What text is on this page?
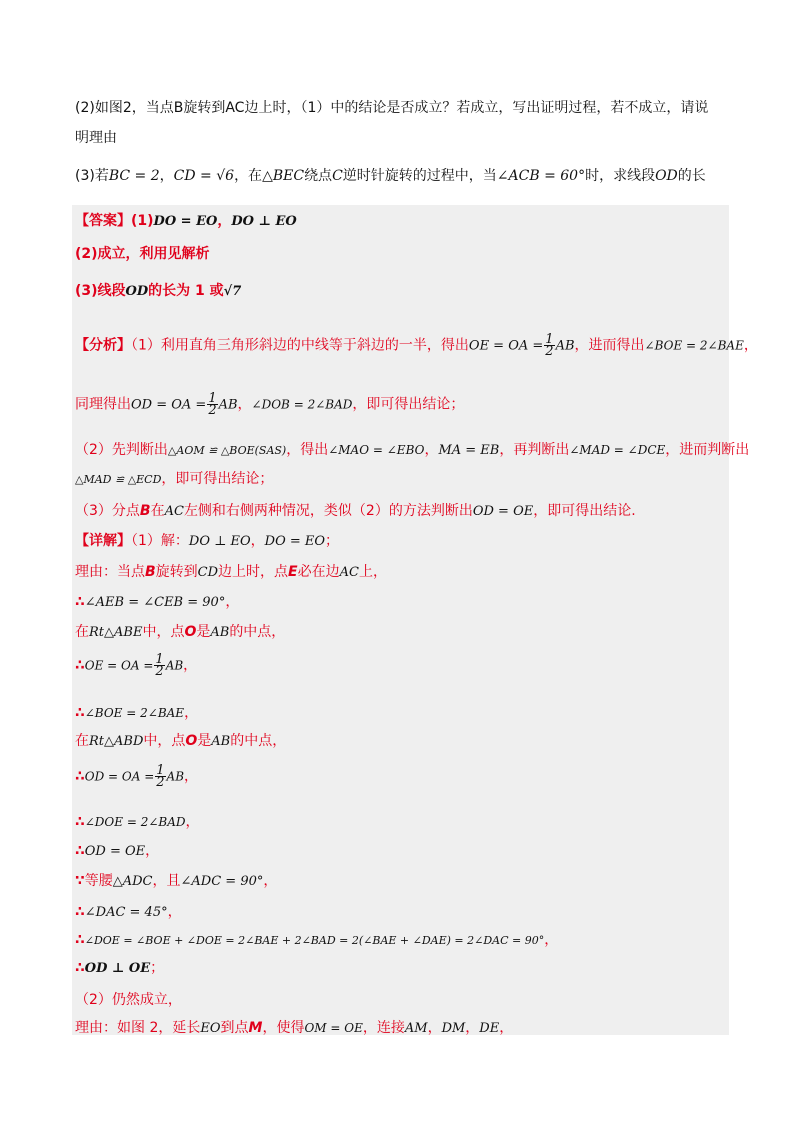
(2)如图2，当点B旋转到AC边上时，（1）中的结论是否成立？若成立，写出证明过程，若不成立，请说
明理由
(3)若BC = 2，CD = √6，在△BEC绕点C逆时针旋转的过程中，当∠ACB = 60°时，求线段OD的长
【答案】(1)DO = EO，DO ⊥ EO
(2)成立，利用见解析
(3)线段OD的长为 1 或√7
【分析】（1）利用直角三角形斜边的中线等于斜边的一半，得出OE = OA = $\frac{1}{2}$ AB，进而得出∠BOE = 2∠BAE，
同理得出OD = OA = $\frac{1}{2}$ AB，∠DOB = 2∠BAD，即可得出结论；
（2）先判断出△AOM ≌ △BOE(SAS)，得出∠MAO = ∠EBO，MA = EB，再判断出∠MAD = ∠DCE，进而判断出
△MAD ≌ △ECD，即可得出结论；
（3）分点B在AC左侧和右侧两种情况，类似（2）的方法判断出OD = OE，即可得出结论.
【详解】（1）解：DO ⊥ EO，DO = EO；
理由：当点B旋转到CD边上时，点E必在边AC上，
∴∠AEB = ∠CEB = 90°，
在Rt△ABE中，点O是AB的中点，
∴OE = OA = $\frac{1}{2}$ AB，
∴∠BOE = 2∠BAE，
在Rt△ABD中，点O是AB的中点，
∴OD = OA = $\frac{1}{2}$ AB，
∴∠DOE = 2∠BAD，
∴OD = OE，
∵等腰△ADC，且∠ADC = 90°，
∴∠DAC = 45°，
∴∠DOE = ∠BOE + ∠DOE = 2∠BAE + 2∠BAD = 2(∠BAE + ∠DAE) = 2∠DAC = 90°，
∴OD ⊥ OE；
（2）仍然成立，
理由：如图 2，延长EO到点M，使得OM = OE，连接AM，DM，DE，
